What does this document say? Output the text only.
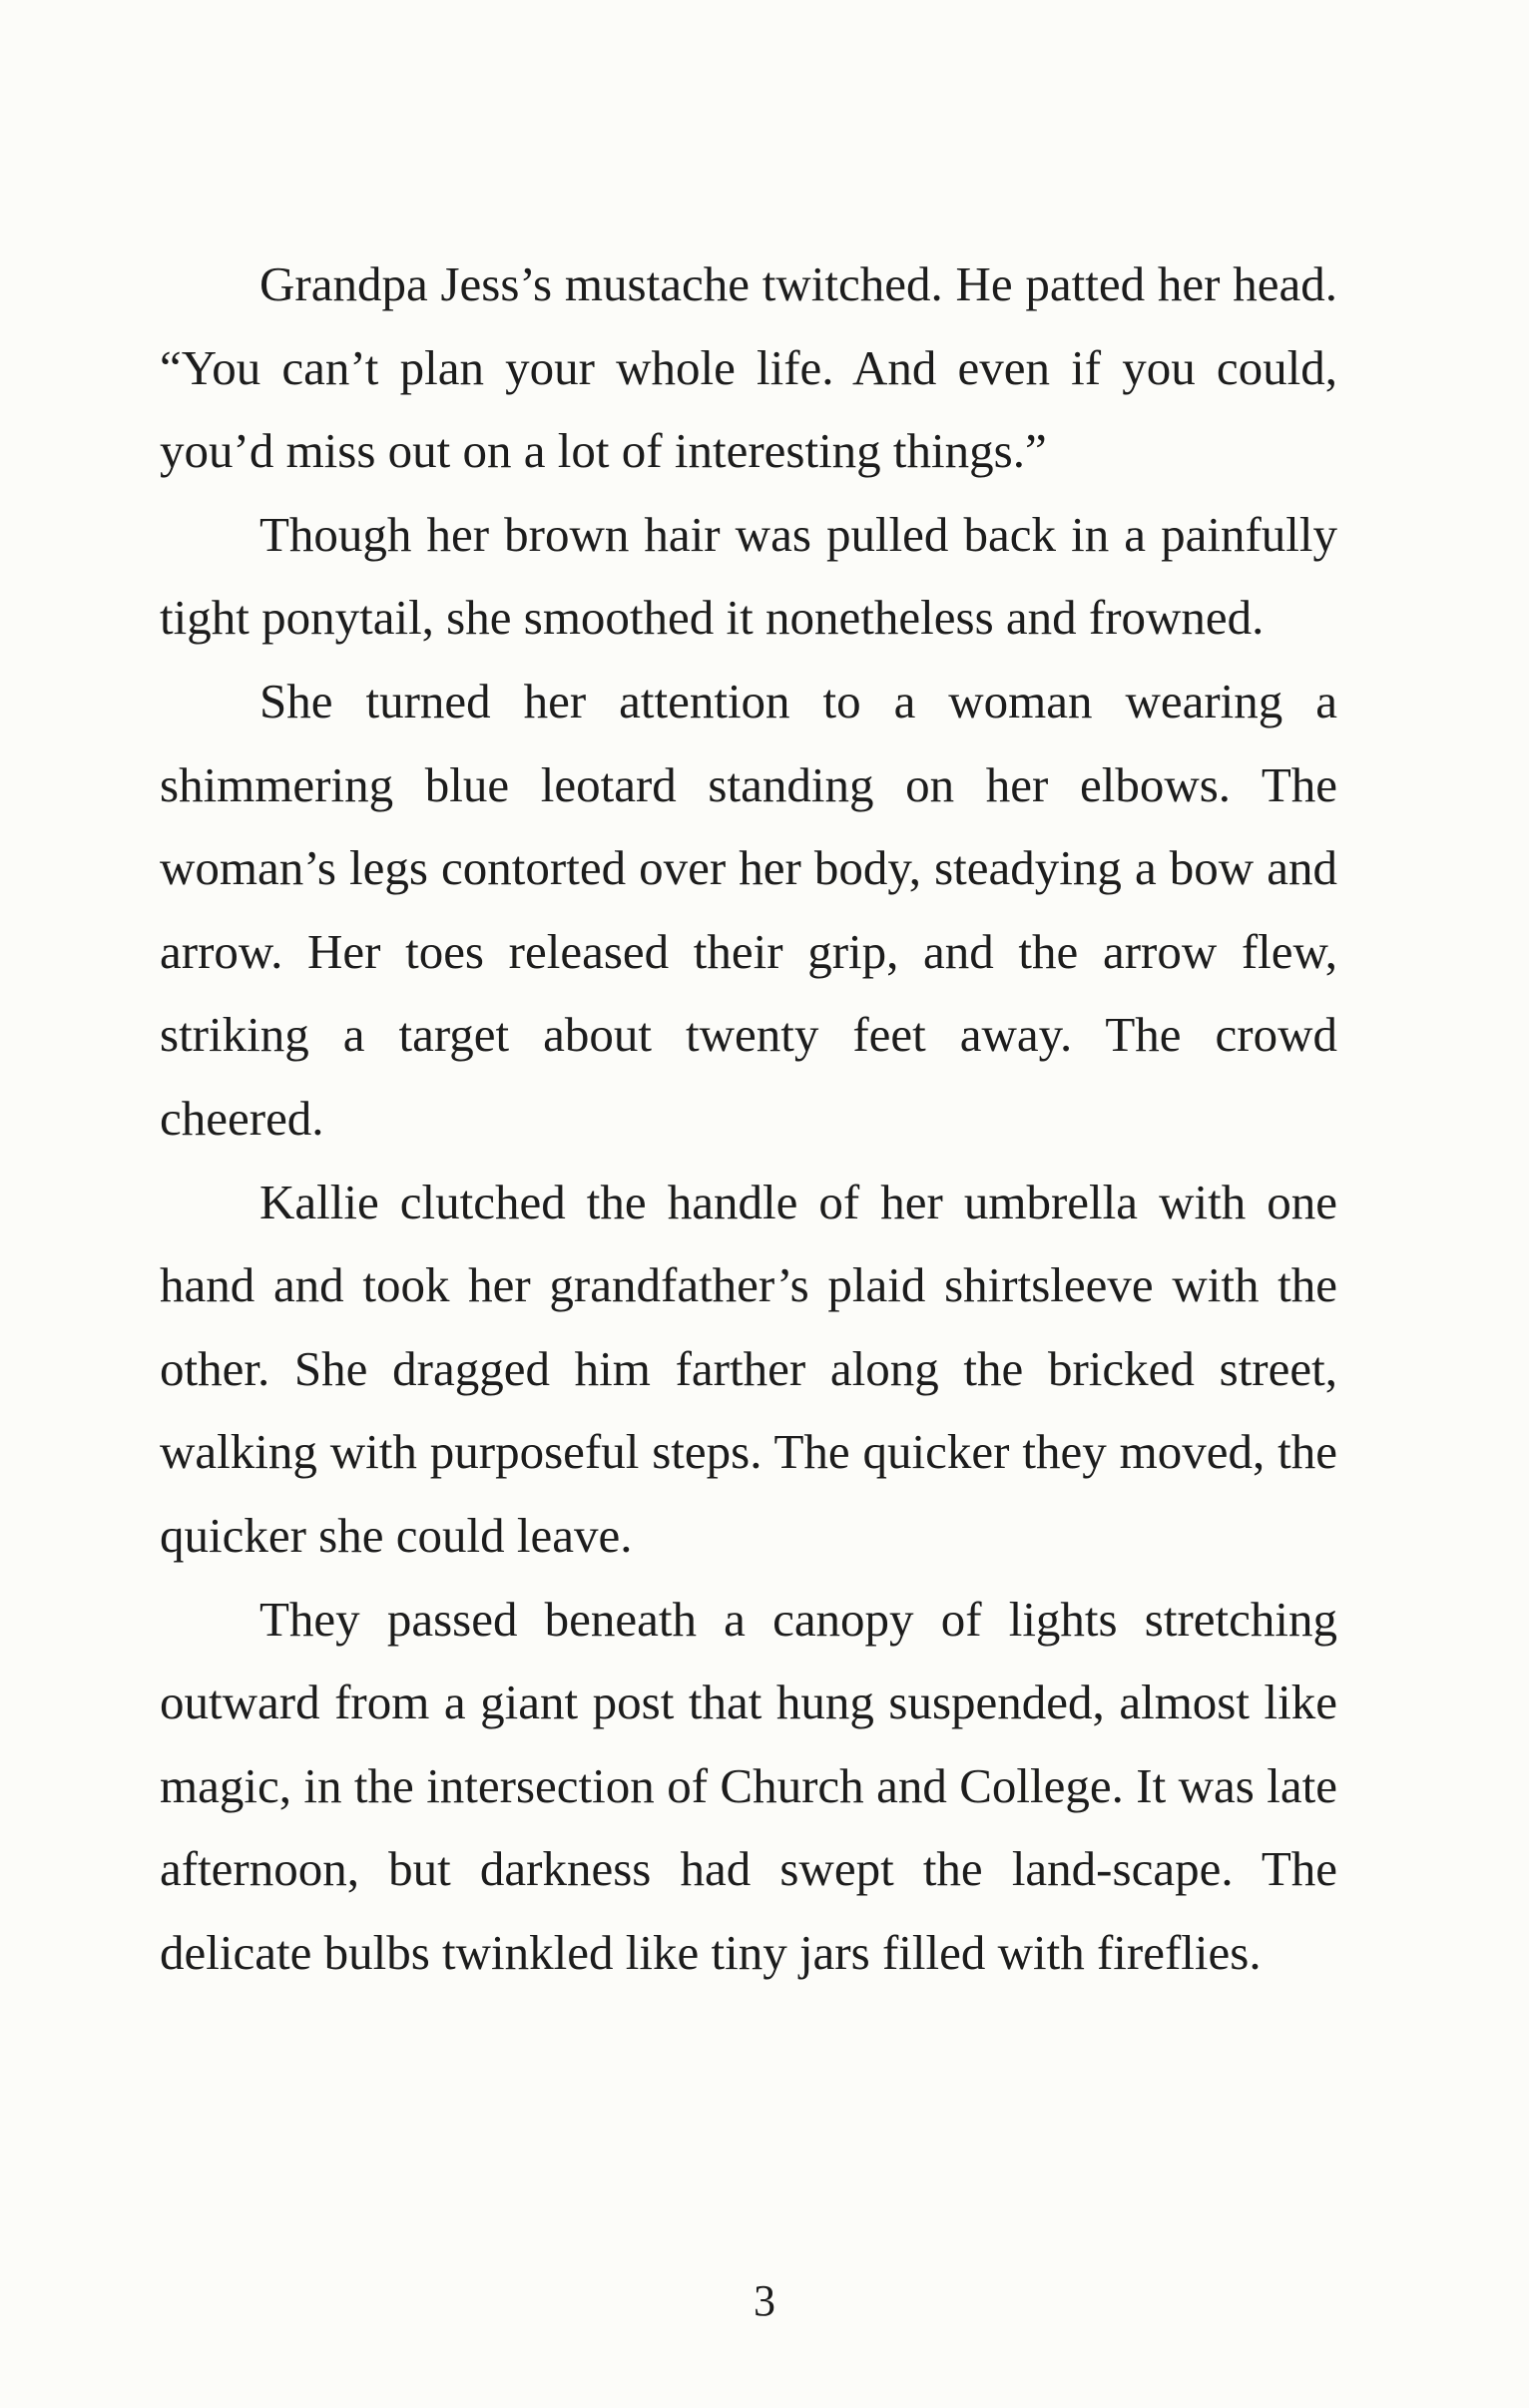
Grandpa Jess’s mustache twitched. He patted her head. “You can’t plan your whole life. And even if you could, you’d miss out on a lot of interesting things.”

Though her brown hair was pulled back in a painfully tight ponytail, she smoothed it nonetheless and frowned.

She turned her attention to a woman wearing a shimmering blue leotard standing on her elbows. The woman’s legs contorted over her body, steadying a bow and arrow. Her toes released their grip, and the arrow flew, striking a target about twenty feet away. The crowd cheered.

Kallie clutched the handle of her umbrella with one hand and took her grandfather’s plaid shirtsleeve with the other. She dragged him farther along the bricked street, walking with purposeful steps. The quicker they moved, the quicker she could leave.

They passed beneath a canopy of lights stretching outward from a giant post that hung suspended, almost like magic, in the intersection of Church and College. It was late afternoon, but darkness had swept the land-scape. The delicate bulbs twinkled like tiny jars filled with fireflies.

3
